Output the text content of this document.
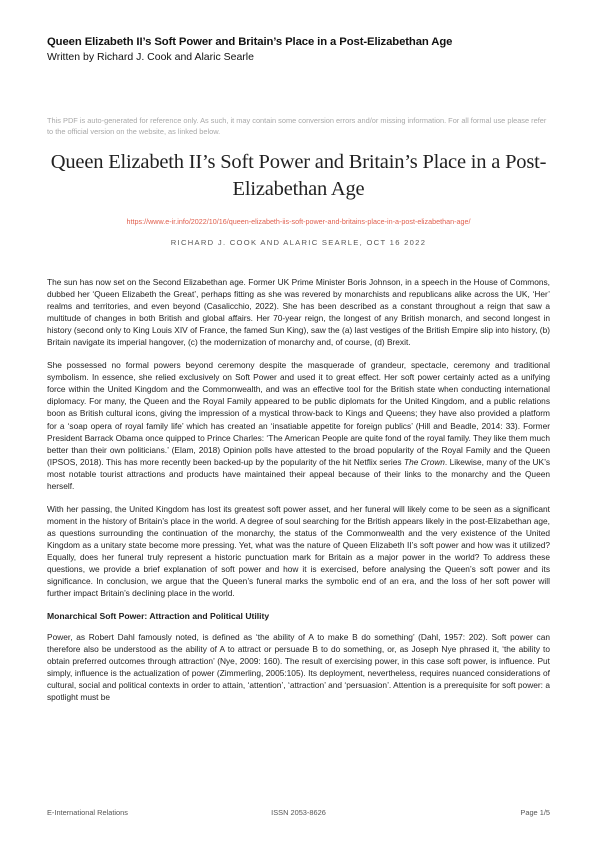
Queen Elizabeth II’s Soft Power and Britain’s Place in a Post-Elizabethan Age
Written by Richard J. Cook and Alaric Searle
This PDF is auto-generated for reference only. As such, it may contain some conversion errors and/or missing information. For all formal use please refer to the official version on the website, as linked below.
Queen Elizabeth II’s Soft Power and Britain’s Place in a Post-Elizabethan Age
https://www.e-ir.info/2022/10/16/queen-elizabeth-iis-soft-power-and-britains-place-in-a-post-elizabethan-age/
RICHARD J. COOK AND ALARIC SEARLE, OCT 16 2022

The sun has now set on the Second Elizabethan age. Former UK Prime Minister Boris Johnson, in a speech in the House of Commons, dubbed her ‘Queen Elizabeth the Great’, perhaps fitting as she was revered by monarchists and republicans alike across the UK, ‘Her’ realms and territories, and even beyond (Casalicchio, 2022). She has been described as a constant throughout a reign that saw a multitude of changes in both British and global affairs. Her 70-year reign, the longest of any British monarch, and second longest in history (second only to King Louis XIV of France, the famed Sun King), saw the (a) last vestiges of the British Empire slip into history, (b) Britain navigate its imperial hangover, (c) the modernization of monarchy and, of course, (d) Brexit.

She possessed no formal powers beyond ceremony despite the masquerade of grandeur, spectacle, ceremony and traditional symbolism. In essence, she relied exclusively on Soft Power and used it to great effect. Her soft power certainly acted as a unifying force within the United Kingdom and the Commonwealth, and was an effective tool for the British state when conducting international diplomacy. For many, the Queen and the Royal Family appeared to be public diplomats for the United Kingdom, and a public relations boon as British cultural icons, giving the impression of a mystical throw-back to Kings and Queens; they have also provided a platform for a ‘soap opera of royal family life’ which has created an ‘insatiable appetite for foreign publics’ (Hill and Beadle, 2014: 33). Former President Barrack Obama once quipped to Prince Charles: ‘The American People are quite fond of the royal family. They like them much better than their own politicians.’ (Elam, 2018) Opinion polls have attested to the broad popularity of the Royal Family and the Queen (IPSOS, 2018). This has more recently been backed-up by the popularity of the hit Netflix series The Crown. Likewise, many of the UK’s most notable tourist attractions and products have maintained their appeal because of their links to the monarchy and the Queen herself.

With her passing, the United Kingdom has lost its greatest soft power asset, and her funeral will likely come to be seen as a significant moment in the history of Britain’s place in the world. A degree of soul searching for the British appears likely in the post-Elizabethan age, as questions surrounding the continuation of the monarchy, the status of the Commonwealth and the very existence of the United Kingdom as a unitary state become more pressing. Yet, what was the nature of Queen Elizabeth II’s soft power and how was it utilized? Equally, does her funeral truly represent a historic punctuation mark for Britain as a major power in the world? To address these questions, we provide a brief explanation of soft power and how it is exercised, before analysing the Queen’s soft power and its significance. In conclusion, we argue that the Queen’s funeral marks the symbolic end of an era, and the loss of her soft power will further impact Britain’s declining place in the world.

Monarchical Soft Power: Attraction and Political Utility

Power, as Robert Dahl famously noted, is defined as ‘the ability of A to make B do something’ (Dahl, 1957: 202). Soft power can therefore also be understood as the ability of A to attract or persuade B to do something, or, as Joseph Nye phrased it, ‘the ability to obtain preferred outcomes through attraction’ (Nye, 2009: 160). The result of exercising power, in this case soft power, is influence. Put simply, influence is the actualization of power (Zimmerling, 2005:105). Its deployment, nevertheless, requires nuanced considerations of cultural, social and political contexts in order to attain, ‘attention’, ‘attraction’ and ‘persuasion’. Attention is a prerequisite for soft power: a spotlight must be

E-International Relations	ISSN 2053-8626	Page 1/5
